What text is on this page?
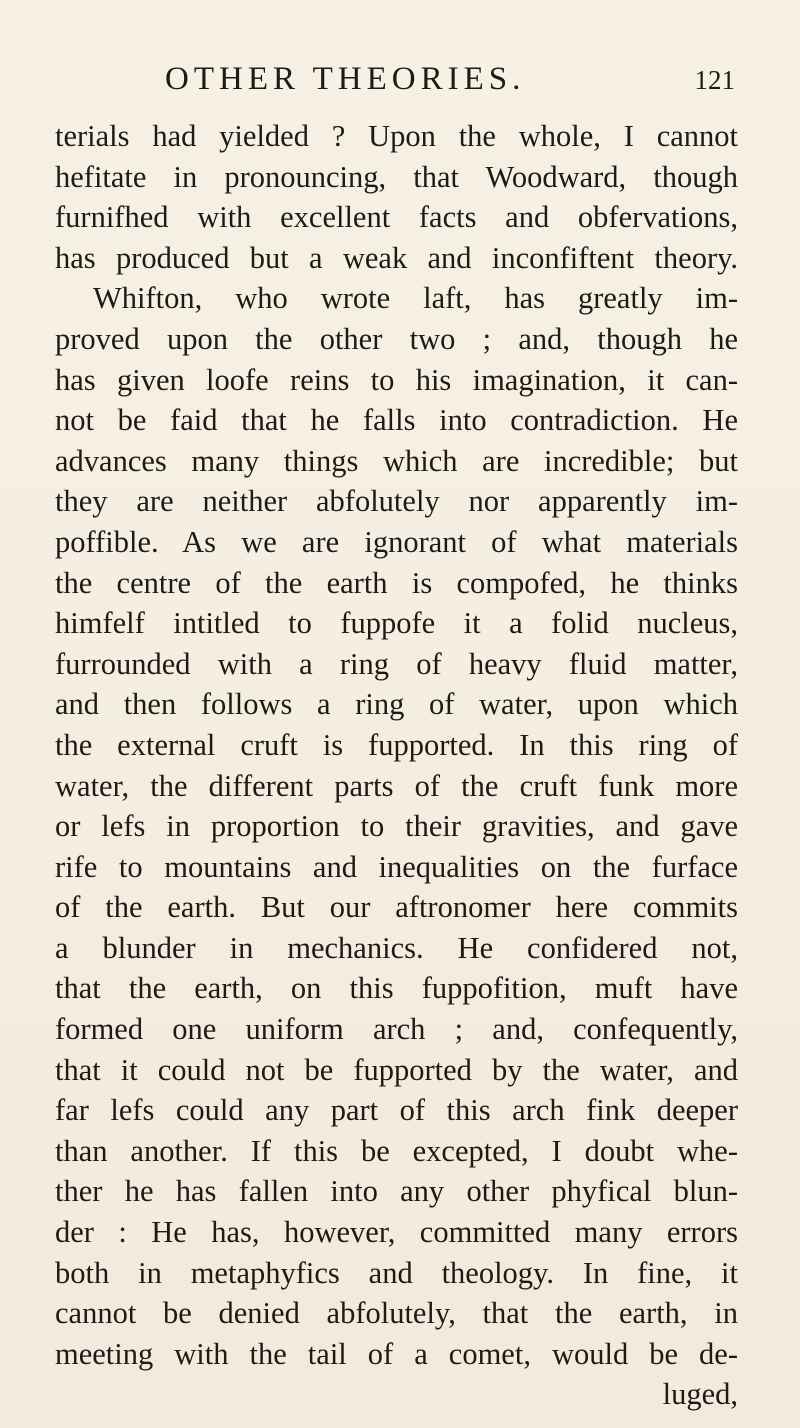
OTHER THEORIES.	121
terials had yielded ? Upon the whole, I cannot
hefitate in pronouncing, that Woodward, though
furnifhed with excellent facts and obfervations,
has produced but a weak and inconfiftent theory.
Whifton, who wrote laft, has greatly im-
proved upon the other two ; and, though he
has given loofe reins to his imagination, it can-
not be faid that he falls into contradiction. He
advances many things which are incredible; but
they are neither abfolutely nor apparently im-
poffible. As we are ignorant of what materials
the centre of the earth is compofed, he thinks
himfelf intitled to fuppofe it a folid nucleus,
furrounded with a ring of heavy fluid matter,
and then follows a ring of water, upon which
the external cruft is fupported. In this ring of
water, the different parts of the cruft funk more
or lefs in proportion to their gravities, and gave
rife to mountains and inequalities on the furface
of the earth. But our aftronomer here commits
a blunder in mechanics. He confidered not,
that the earth, on this fuppofition, muft have
formed one uniform arch ; and, confequently,
that it could not be fupported by the water, and
far lefs could any part of this arch fink deeper
than another. If this be excepted, I doubt whe-
ther he has fallen into any other phyfical blun-
der : He has, however, committed many errors
both in metaphyfics and theology. In fine, it
cannot be denied abfolutely, that the earth, in
meeting with the tail of a comet, would be de-
luged,
